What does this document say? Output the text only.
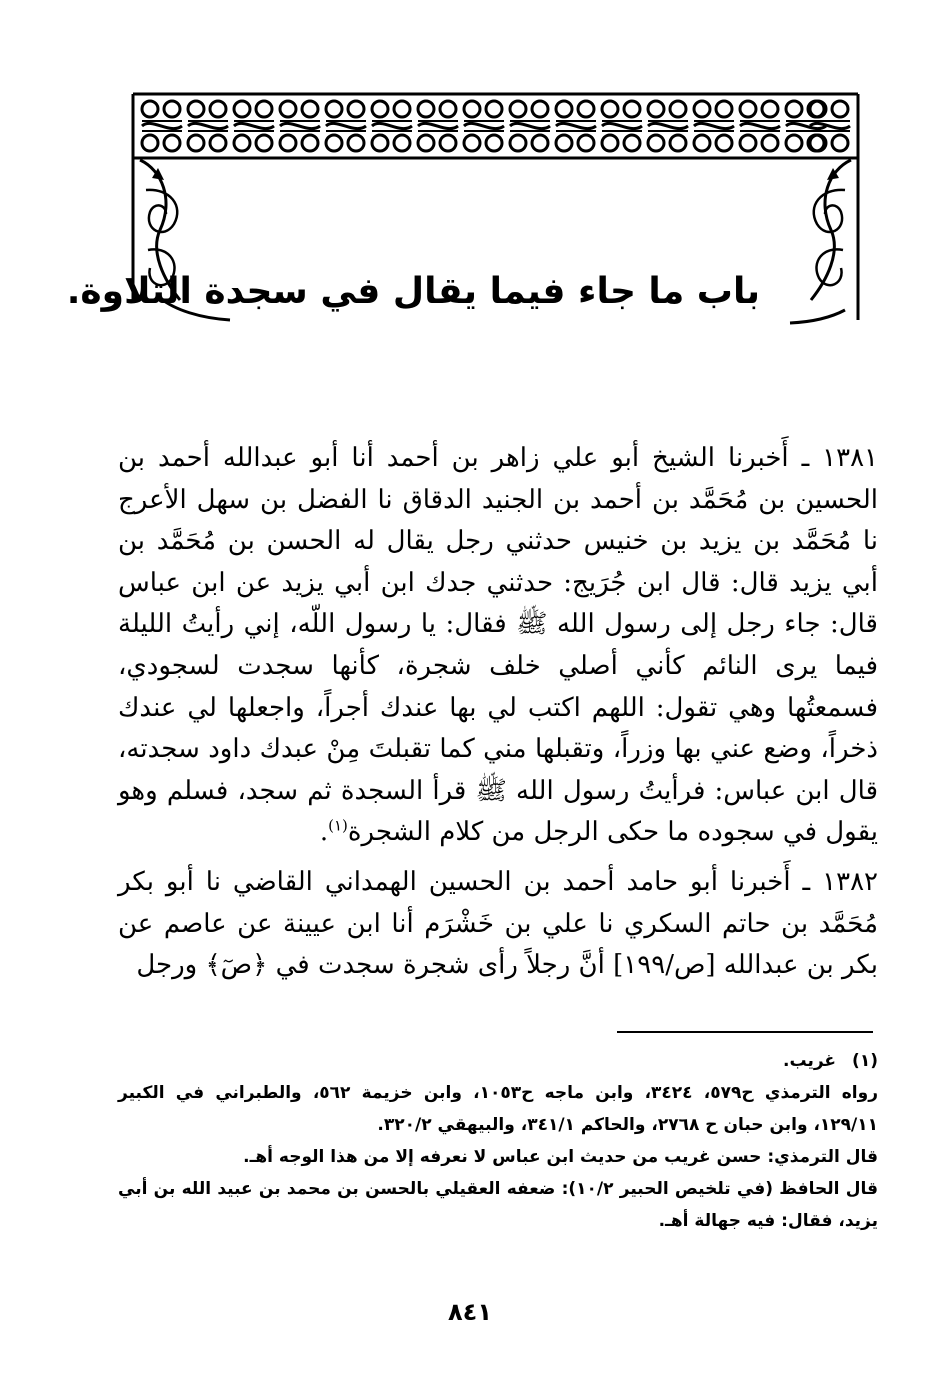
باب ما جاء فيما يقال في سجدة التلاوة.

١٣٨١ ـ أَخبرنا الشيخ أبو علي زاهر بن أحمد أنا أبو عبدالله أحمد بن الحسين بن مُحَمَّد بن أحمد بن الجنيد الدقاق نا الفضل بن سهل الأعرج نا مُحَمَّد بن يزيد بن خنيس حدثني رجل يقال له الحسن بن مُحَمَّد بن أبي يزيد قال: قال ابن جُرَيج: حدثني جدك ابن أبي يزيد عن ابن عباس قال: جاء رجل إلى رسول الله ﷺ فقال: يا رسول اللّه، إني رأيتُ الليلة فيما يرى النائم كأني أصلي خلف شجرة، كأنها سجدت لسجودي، فسمعتُها وهي تقول: اللهم اكتب لي بها عندك أجراً، واجعلها لي عندك ذخراً، وضع عني بها وزراً، وتقبلها مني كما تقبلتَ مِنْ عبدك داود سجدته، قال ابن عباس: فرأيتُ رسول الله ﷺ قرأ السجدة ثم سجد، فسلم وهو يقول في سجوده ما حكى الرجل من كلام الشجرة$^{(١)}$.

١٣٨٢ ـ أَخبرنا أبو حامد أحمد بن الحسين الهمداني القاضي نا أبو بكر مُحَمَّد بن حاتم السكري نا علي بن خَشْرَم أنا ابن عيينة عن عاصم عن بكر بن عبدالله [ص/١٩٩] أنَّ رجلاً رأى شجرة سجدت في ﴿صٓ﴾ ورجل

(١)غريب.

رواه الترمذي ح٥٧٩، ٣٤٢٤، وابن ماجه ح١٠٥٣، وابن خزيمة ٥٦٢، والطبراني في الكبير ١٢٩/١١، وابن حبان ح ٢٧٦٨، والحاكم ٣٤١/١، والبيهقي ٣٢٠/٢.

قال الترمذي: حسن غريب من حديث ابن عباس لا نعرفه إلا من هذا الوجه أهـ.

قال الحافظ (في تلخيص الحبير ١٠/٢): ضعفه العقيلي بالحسن بن محمد بن عبيد الله بن أبي يزيد، فقال: فيه جهالة أهـ.

٨٤١
